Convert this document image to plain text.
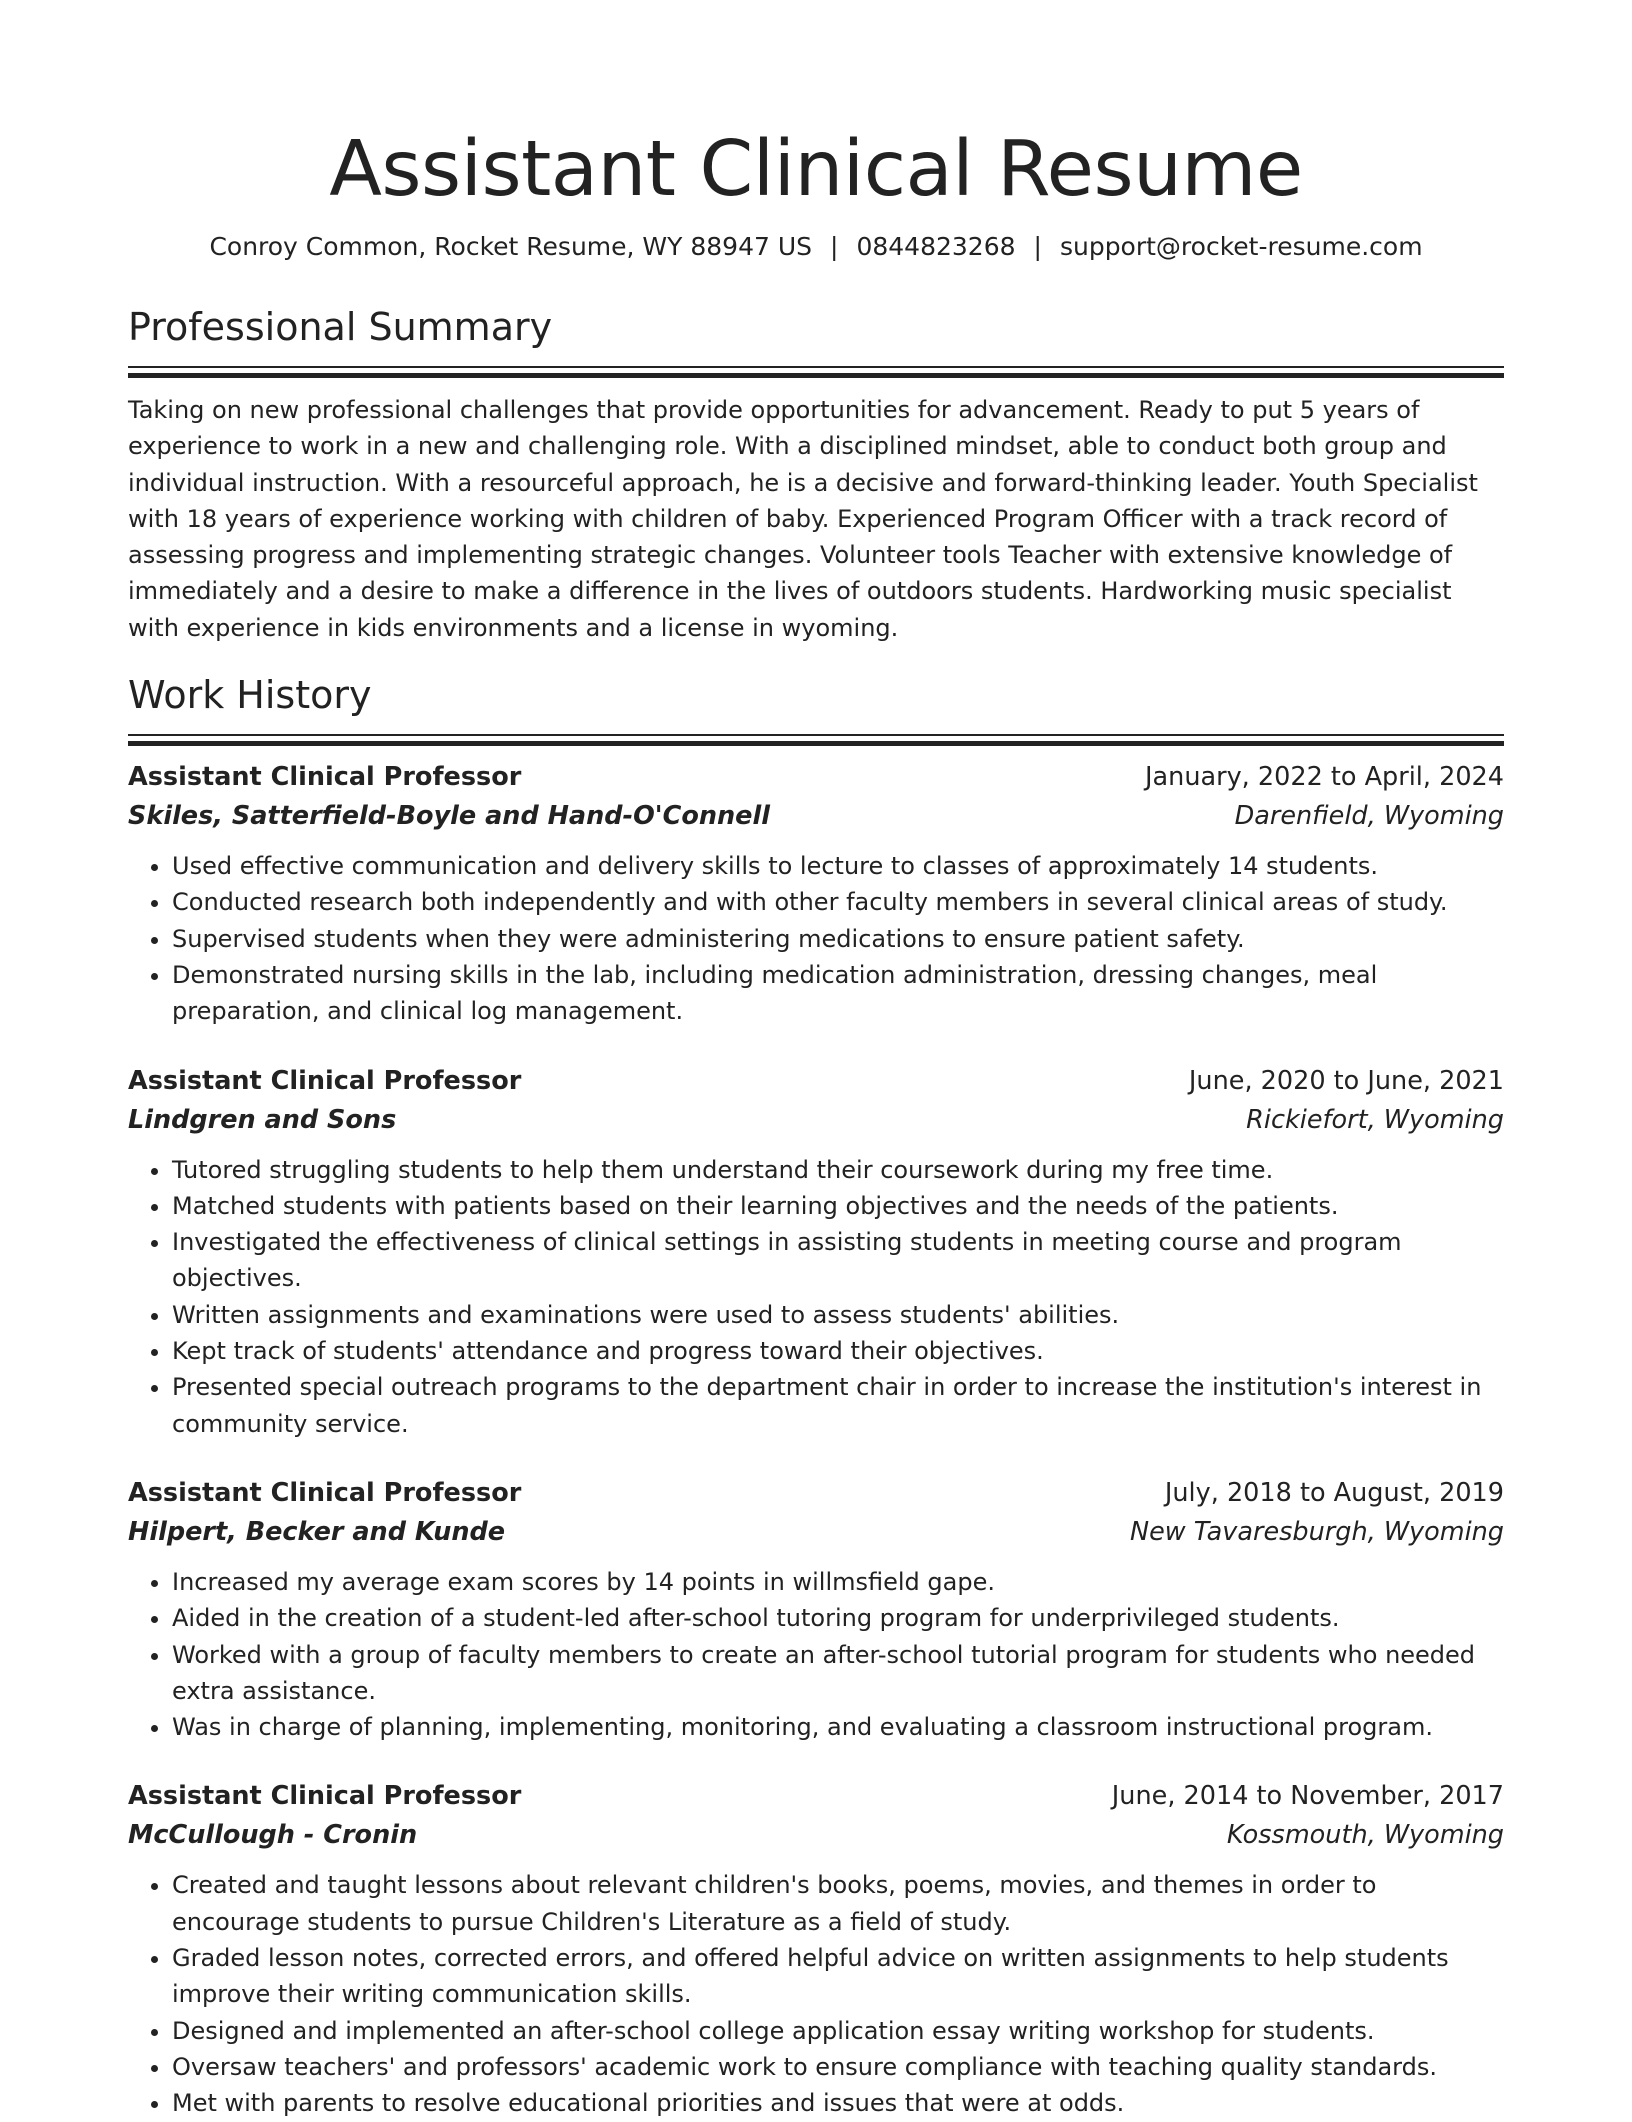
Assistant Clinical Resume
Conroy Common, Rocket Resume, WY 88947 US | 0844823268 | support@rocket-resume.com
Professional Summary

Taking on new professional challenges that provide opportunities for advancement. Ready to put 5 years of experience to work in a new and challenging role. With a disciplined mindset, able to conduct both group and individual instruction. With a resourceful approach, he is a decisive and forward-thinking leader. Youth Specialist with 18 years of experience working with children of baby. Experienced Program Officer with a track record of assessing progress and implementing strategic changes. Volunteer tools Teacher with extensive knowledge of immediately and a desire to make a difference in the lives of outdoors students. Hardworking music specialist with experience in kids environments and a license in wyoming.

Work History
Assistant Clinical Professor	January, 2022 to April, 2024
Skiles, Satterfield-Boyle and Hand-O'Connell	Darenfield, Wyoming
• Used effective communication and delivery skills to lecture to classes of approximately 14 students.
• Conducted research both independently and with other faculty members in several clinical areas of study.
• Supervised students when they were administering medications to ensure patient safety.
• Demonstrated nursing skills in the lab, including medication administration, dressing changes, meal preparation, and clinical log management.
Assistant Clinical Professor	June, 2020 to June, 2021
Lindgren and Sons	Rickiefort, Wyoming
• Tutored struggling students to help them understand their coursework during my free time.
• Matched students with patients based on their learning objectives and the needs of the patients.
• Investigated the effectiveness of clinical settings in assisting students in meeting course and program objectives.
• Written assignments and examinations were used to assess students' abilities.
• Kept track of students' attendance and progress toward their objectives.
• Presented special outreach programs to the department chair in order to increase the institution's interest in community service.
Assistant Clinical Professor	July, 2018 to August, 2019
Hilpert, Becker and Kunde	New Tavaresburgh, Wyoming
• Increased my average exam scores by 14 points in willmsfield gape.
• Aided in the creation of a student-led after-school tutoring program for underprivileged students.
• Worked with a group of faculty members to create an after-school tutorial program for students who needed extra assistance.
• Was in charge of planning, implementing, monitoring, and evaluating a classroom instructional program.
Assistant Clinical Professor	June, 2014 to November, 2017
McCullough - Cronin	Kossmouth, Wyoming
• Created and taught lessons about relevant children's books, poems, movies, and themes in order to encourage students to pursue Children's Literature as a field of study.
• Graded lesson notes, corrected errors, and offered helpful advice on written assignments to help students improve their writing communication skills.
• Designed and implemented an after-school college application essay writing workshop for students.
• Oversaw teachers' and professors' academic work to ensure compliance with teaching quality standards.
• Met with parents to resolve educational priorities and issues that were at odds.
